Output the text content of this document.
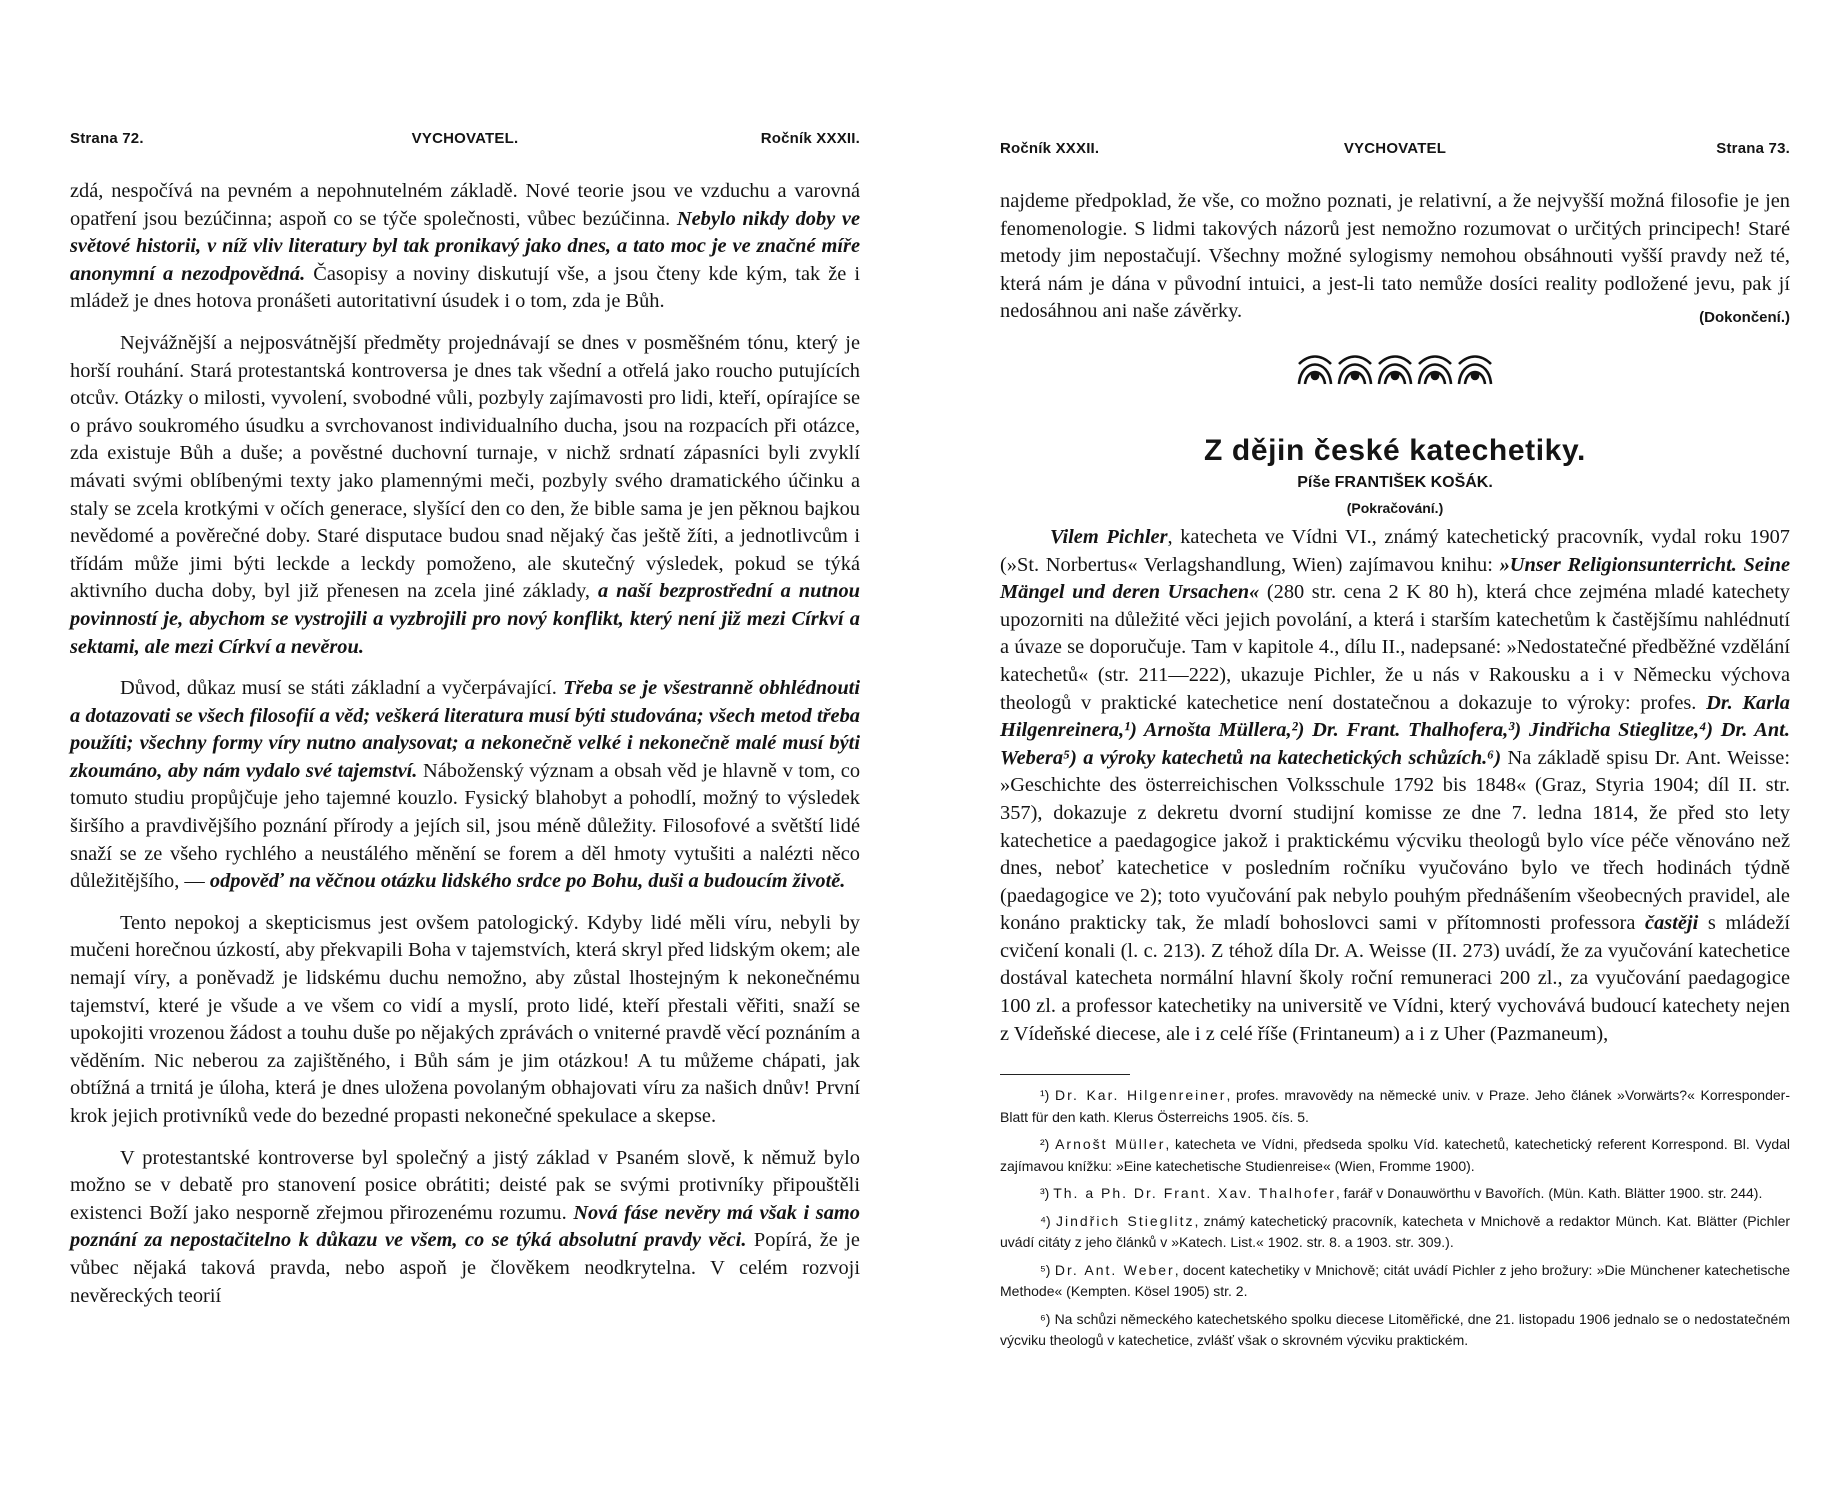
Strana 72.	VYCHOVATEL.	Ročník XXXII.

zdá, nespočívá na pevném a nepohnutelném základě. Nové teorie jsou ve vzduchu a varovná opatření jsou bezúčinna; aspoň co se týče společnosti, vůbec bezúčinna. Nebylo nikdy doby ve světové historii, v níž vliv literatury byl tak pronikavý jako dnes, a tato moc je ve značné míře anonymní a nezodpovědná. Časopisy a noviny diskutují vše, a jsou čteny kde kým, tak že i mládež je dnes hotova pronášeti autoritativní úsudek i o tom, zda je Bůh.

Nejvážnější a nejposvátnější předměty projednávají se dnes v posměšném tónu, který je horší rouhání. Stará protestantská kontroversa je dnes tak všední a otřelá jako roucho putujících otcův. Otázky o milosti, vyvolení, svobodné vůli, pozbyly zajímavosti pro lidi, kteří, opírajíce se o právo soukromého úsudku a svrchovanost individualního ducha, jsou na rozpacích při otázce, zda existuje Bůh a duše; a pověstné duchovní turnaje, v nichž srdnatí zápasníci byli zvyklí mávati svými oblíbenými texty jako plamennými meči, pozbyly svého dramatického účinku a staly se zcela krotkými v očích generace, slyšící den co den, že bible sama je jen pěknou bajkou nevědomé a pověrečné doby. Staré disputace budou snad nějaký čas ještě žíti, a jednotlivcům i třídám může jimi býti leckde a leckdy pomoženo, ale skutečný výsledek, pokud se týká aktivního ducha doby, byl již přenesen na zcela jiné základy, a naší bezprostřední a nutnou povinností je, abychom se vystrojili a vyzbrojili pro nový konflikt, který není již mezi Církví a sektami, ale mezi Církví a nevěrou.

Důvod, důkaz musí se státi základní a vyčerpávající. Třeba se je všestranně obhlédnouti a dotazovati se všech filosofií a věd; veškerá literatura musí býti studována; všech metod třeba použíti; všechny formy víry nutno analysovat; a nekonečně velké i nekonečně malé musí býti zkoumáno, aby nám vydalo své tajemství. Náboženský význam a obsah věd je hlavně v tom, co tomuto studiu propůjčuje jeho tajemné kouzlo. Fysický blahobyt a pohodlí, možný to výsledek širšího a pravdivějšího poznání přírody a jejích sil, jsou méně důležity. Filosofové a světští lidé snaží se ze všeho rychlého a neustálého měnění se forem a děl hmoty vytušiti a nalézti něco důležitějšího, — odpověď na věčnou otázku lidského srdce po Bohu, duši a budoucím životě.

Tento nepokoj a skepticismus jest ovšem patologický. Kdyby lidé měli víru, nebyli by mučeni horečnou úzkostí, aby překvapili Boha v tajemstvích, která skryl před lidským okem; ale nemají víry, a poněvadž je lidskému duchu nemožno, aby zůstal lhostejným k nekonečnému tajemství, které je všude a ve všem co vidí a myslí, proto lidé, kteří přestali věřiti, snaží se upokojiti vrozenou žádost a touhu duše po nějakých zprávách o vniterné pravdě věcí poznáním a věděním. Nic neberou za zajištěného, i Bůh sám je jim otázkou! A tu můžeme chápati, jak obtížná a trnitá je úloha, která je dnes uložena povolaným obhajovati víru za našich dnův! První krok jejich protivníků vede do bezedné propasti nekonečné spekulace a skepse.

V protestantské kontroverse byl společný a jistý základ v Psaném slově, k němuž bylo možno se v debatě pro stanovení posice obrátiti; deisté pak se svými protivníky připouštěli existenci Boží jako nesporně zřejmou přirozenému rozumu. Nová fáse nevěry má však i samo poznání za nepostačitelno k důkazu ve všem, co se týká absolutní pravdy věci. Popírá, že je vůbec nějaká taková pravda, nebo aspoň je člověkem neodkrytelna. V celém rozvoji nevěreckých teorií

Ročník XXXII.	VYCHOVATEL	Strana 73.

najdeme předpoklad, že vše, co možno poznati, je relativní, a že nejvyšší možná filosofie je jen fenomenologie. S lidmi takových názorů jest nemožno rozumovat o určitých principech! Staré metody jim nepostačují. Všechny možné sylogismy nemohou obsáhnouti vyšší pravdy než té, která nám je dána v původní intuici, a jest-li tato nemůže dosíci reality podložené jevu, pak jí nedosáhnou ani naše závěrky.	(Dokončení.)

Z dějin české katechetiky.
Píše FRANTIŠEK KOŠÁK.
(Pokračování.)

Vilem Pichler, katecheta ve Vídni VI., známý katechetický pracovník, vydal roku 1907 (»St. Norbertus« Verlagshandlung, Wien) zajímavou knihu: »Unser Religionsunterricht. Seine Mängel und deren Ursachen« (280 str. cena 2 K 80 h), která chce zejména mladé katechety upozorniti na důležité věci jejich povolání, a která i starším katechetům k častějšímu nahlédnutí a úvaze se doporučuje. Tam v kapitole 4., dílu II., nadepsané: »Nedostatečné předběžné vzdělání katechetů« (str. 211—222), ukazuje Pichler, že u nás v Rakousku a i v Německu výchova theologů v praktické katechetice není dostatečnou a dokazuje to výroky: profes. Dr. Karla Hilgenreinera,¹) Arnošta Müllera,²) Dr. Frant. Thalhofera,³) Jindřicha Stieglitze,⁴) Dr. Ant. Webera⁵) a výroky katechetů na katechetických schůzích.⁶) Na základě spisu Dr. Ant. Weisse: »Geschichte des österreichischen Volksschule 1792 bis 1848« (Graz, Styria 1904; díl II. str. 357), dokazuje z dekretu dvorní studijní komisse ze dne 7. ledna 1814, že před sto lety katechetice a paedagogice jakož i praktickému výcviku theologů bylo více péče věnováno než dnes, neboť katechetice v posledním ročníku vyučováno bylo ve třech hodinách týdně (paedagogice ve 2); toto vyučování pak nebylo pouhým přednášením všeobecných pravidel, ale konáno prakticky tak, že mladí bohoslovci sami v přítomnosti professora častěji s mládeží cvičení konali (l. c. 213). Z téhož díla Dr. A. Weisse (II. 273) uvádí, že za vyučování katechetice dostával katecheta normální hlavní školy roční remuneraci 200 zl., za vyučování paedagogice 100 zl. a professor katechetiky na universitě ve Vídni, který vychovává budoucí katechety nejen z Vídeňské diecese, ale i z celé říše (Frintaneum) a i z Uher (Pazmaneum),

¹) Dr. Kar. Hilgenreiner, profes. mravovědy na německé univ. v Praze. Jeho článek »Vorwärts?« Korresponder-Blatt für den kath. Klerus Österreichs 1905. čís. 5.

²) Arnošt Müller, katecheta ve Vídni, předseda spolku Víd. katechetů, katechetický referent Korrespond. Bl. Vydal zajímavou knížku: »Eine katechetische Studienreise« (Wien, Fromme 1900).

³) Th. a Ph. Dr. Frant. Xav. Thalhofer, farář v Donauwörthu v Bavořích. (Mün. Kath. Blätter 1900. str. 244).

⁴) Jindřich Stieglitz, známý katechetický pracovník, katecheta v Mnichově a redaktor Münch. Kat. Blätter (Pichler uvádí citáty z jeho článků v »Katech. List.« 1902. str. 8. a 1903. str. 309.).

⁵) Dr. Ant. Weber, docent katechetiky v Mnichově; citát uvádí Pichler z jeho brožury: »Die Münchener katechetische Methode« (Kempten. Kösel 1905) str. 2.

⁶) Na schůzi německého katechetského spolku diecese Litoměřické, dne 21. listopadu 1906 jednalo se o nedostatečném výcviku theologů v katechetice, zvlášť však o skrovném výcviku praktickém.
